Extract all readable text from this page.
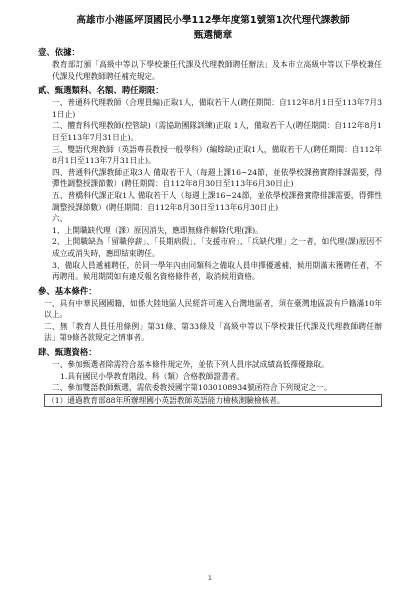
高雄市小港區坪頂國民小學112學年度第1號第1次代理代課教師
甄選簡章
壹、依據：

教育部訂頒「高級中等以下學校兼任代課及代理教師聘任辦法」及本市立高級中等以下學校兼任代課及代理教師聘任補充規定。

貳、甄選類科、名額、聘任期限：

一、普通科代理教師（合理員編)正取1人，備取若干人(聘任期間：自112年8月1日至113年7月31日止)

二、體育科代理教師(控管缺)（需協助團隊訓練)正取 1人，備取若干人(聘任期間：自112年8月1日至113年7月31日止)。

三、雙語代理教師（英語專長教授一般學科）(編餘缺)正取1人，備取若干人(聘任期間：自112年8月1日至113年7月31日止)。

四、普通科代課教師正取3人 備取若干人（每週上課16~24節，並依學校課務實際排課需要，得彈性調整授課節數）(聘任期間：自112年8月30日至113年6月30日止)

五、普橋科代課正取1人 備取若干人（每週上課16~24節，並依學校課務實際排課需要，得彈性調整授課節數）(聘任期間：自112年8月30日至113年6月30日止)

六、

1、上開職缺代理（課）原因消失，應即無條件解除代理(課)。

2、上開職缺為「留職停薪」、「長期病假」、「支援市府」、「兵缺代理」之一者，如代理(課)原因不成立或消失時，應即結束聘任。

3、備取人員遞補聘任，於同一學年內由同類科之備取人員申擇優遞補，候用期滿未獲聘任者，不再聘用。候用期間如有違反報名資格條件者，取消候用資格。

參、基本條件：

一、具有中華民國國籍，如係大陸地區人民經許可進入台灣地區者，須在臺灣地區設有戶籍滿10年以上。

二、無「教育人員任用條例」第31條、第33條及「高級中等以下學校兼任代課及代理教師聘任辦法」第9條各款規定之情事者。

肆、甄選資格：

一、參加甄選者除需符合基本條件規定外，並依下列人員序試成績高低擇優錄取。

1.具有國民小學教育階段、科（類）合格教師證書者。

二、參加雙語教師甄選，需依委教授國字第1030108934號函符合下列規定之一。

（1）通過教育部88年所辦理國小英語教師英語能力檢核測驗檢核者。

1
